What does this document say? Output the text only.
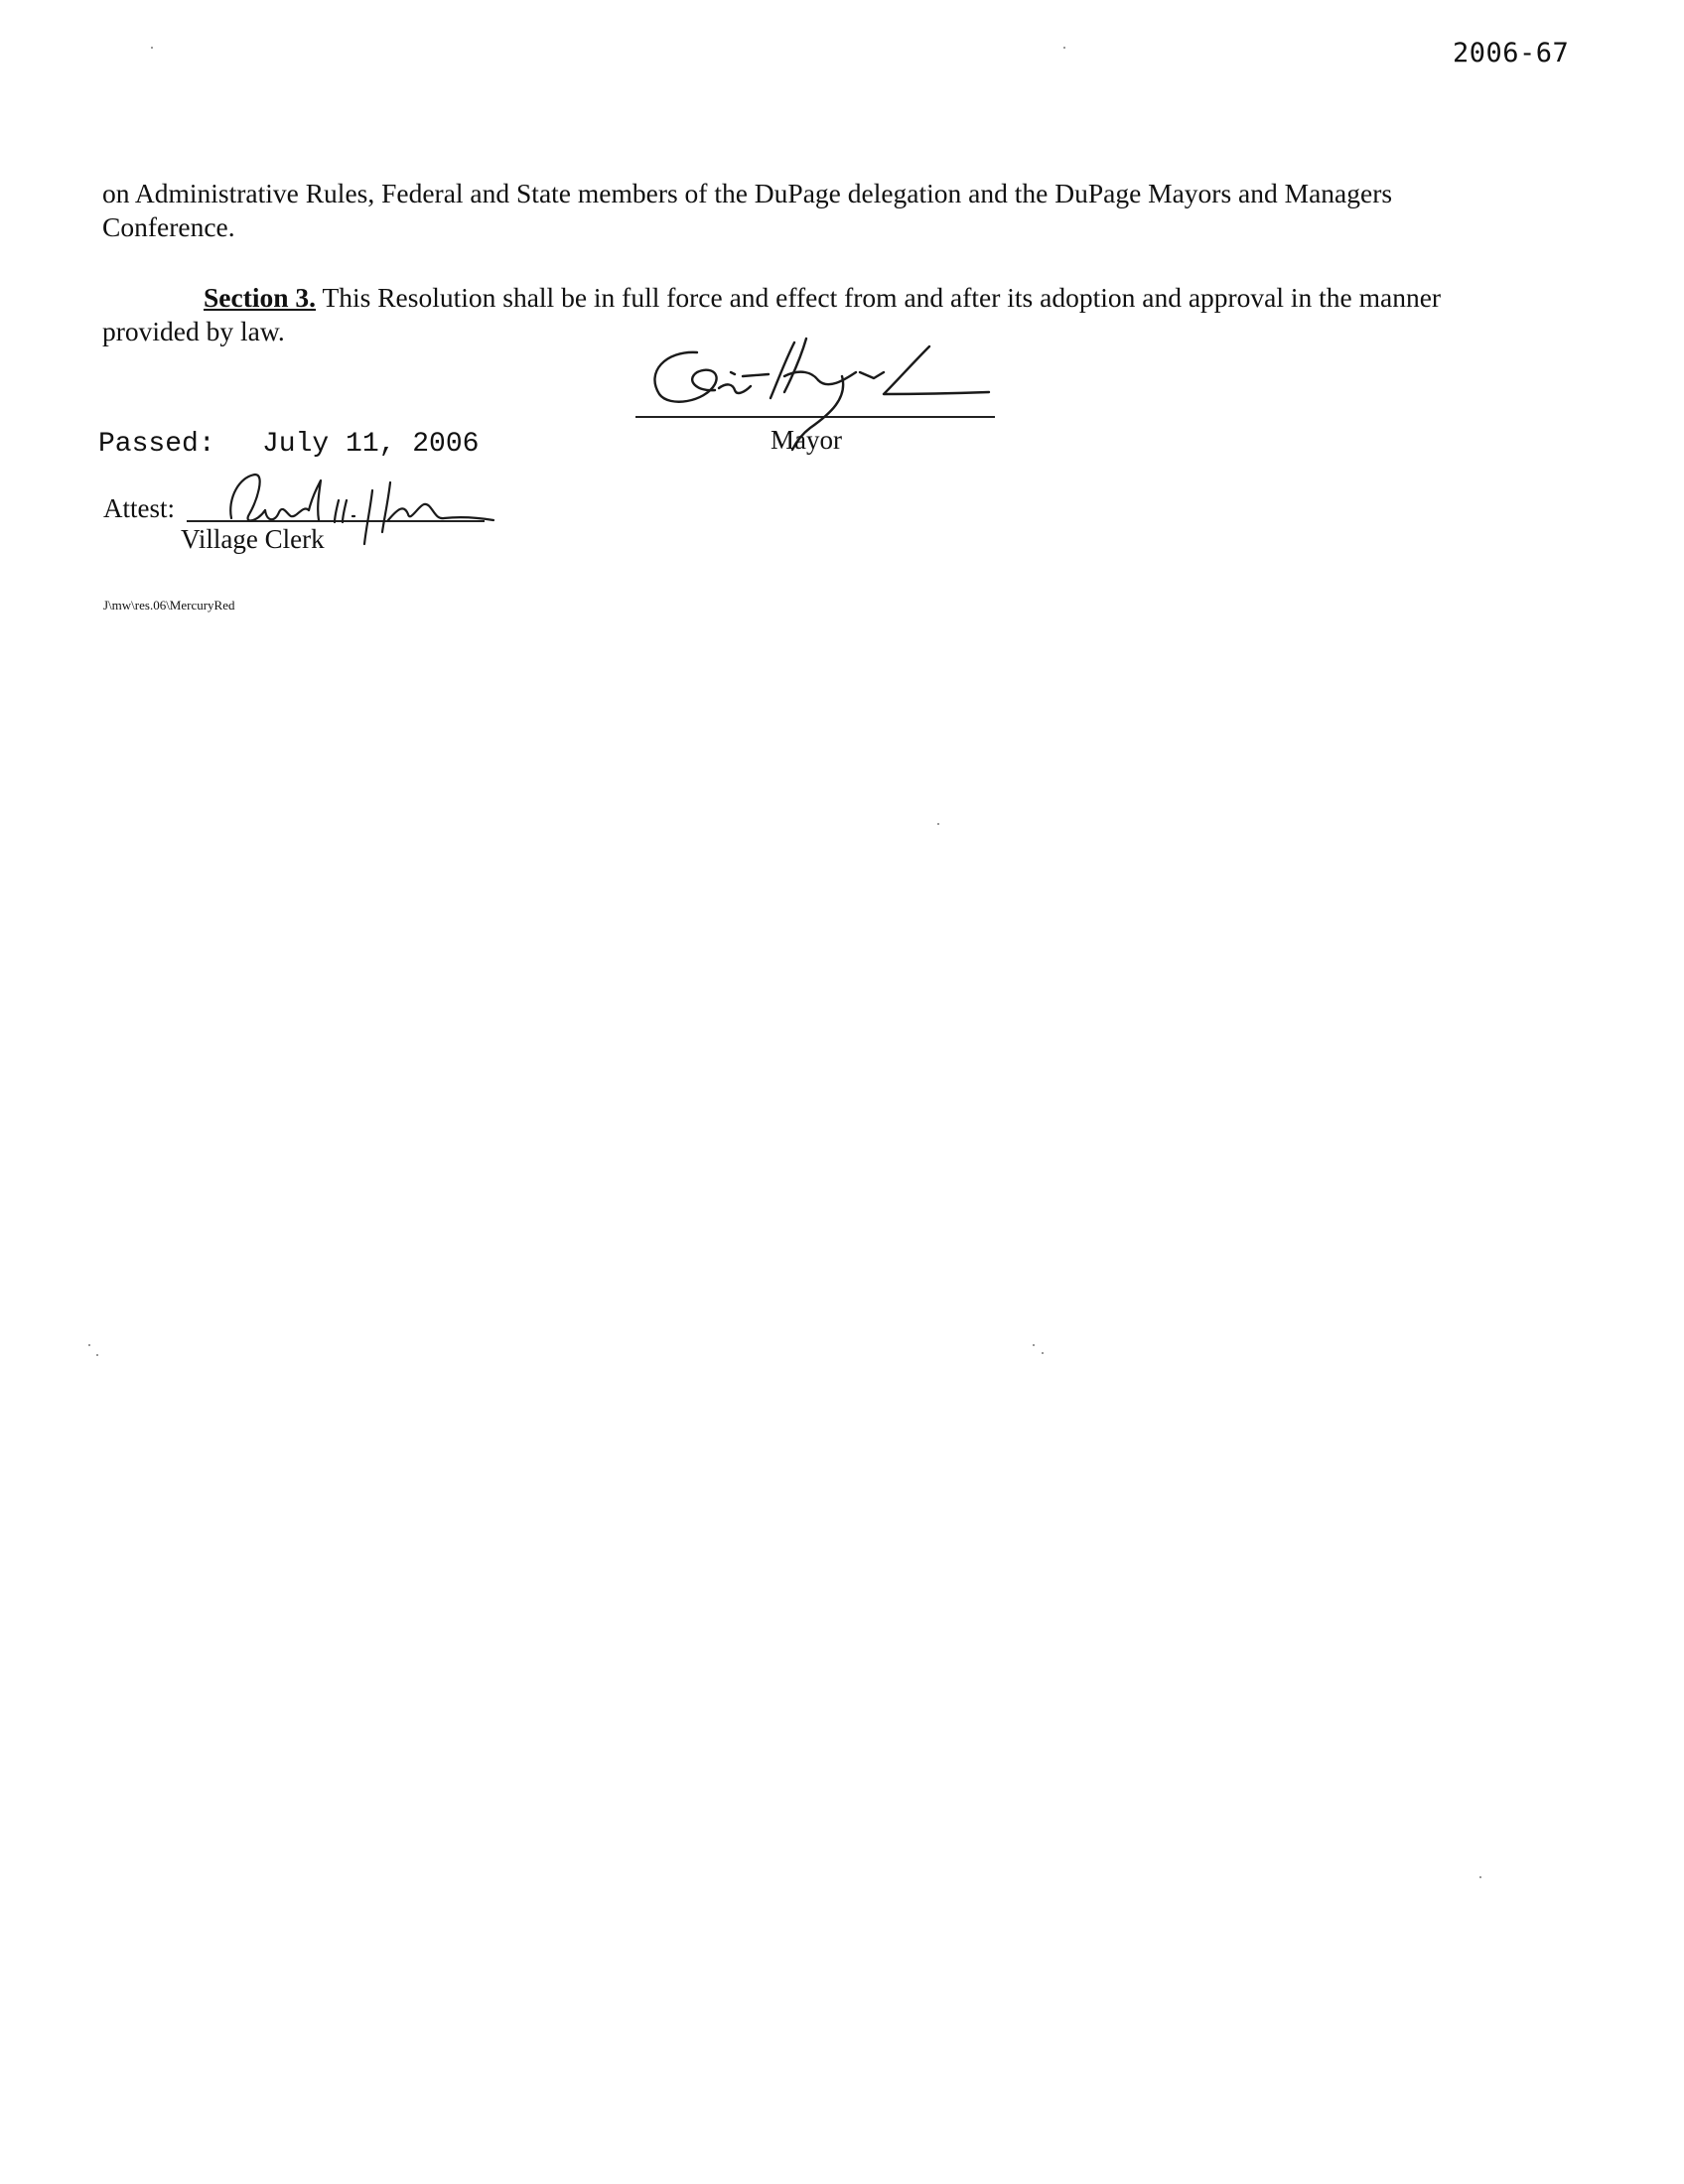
2006-67
on Administrative Rules, Federal and State members of the DuPage delegation and the DuPage Mayors and Managers Conference.
Section 3. This Resolution shall be in full force and effect from and after its adoption and approval in the manner provided by law.
Mayor
Passed: July 11, 2006
Attest:
Village Clerk
J\mw\res.06\MercuryRed
